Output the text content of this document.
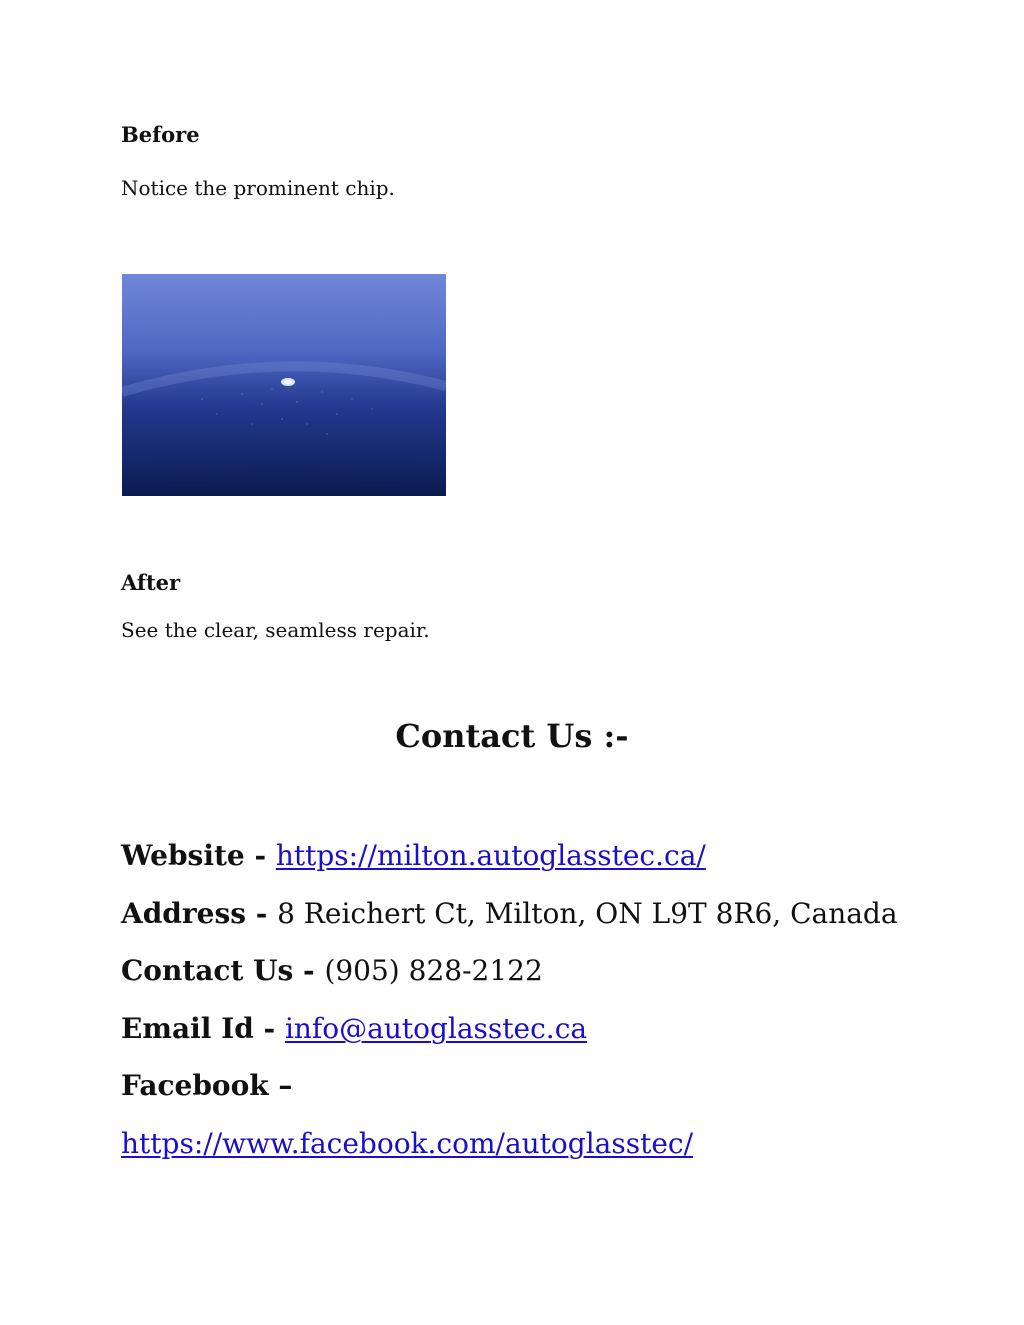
Before
Notice the prominent chip.
After
See the clear, seamless repair.
Contact Us :-
Website - https://milton.autoglasstec.ca/
Address - 8 Reichert Ct, Milton, ON L9T 8R6, Canada
Contact Us - (905) 828-2122
Email Id - info@autoglasstec.ca
Facebook –
https://www.facebook.com/autoglasstec/
